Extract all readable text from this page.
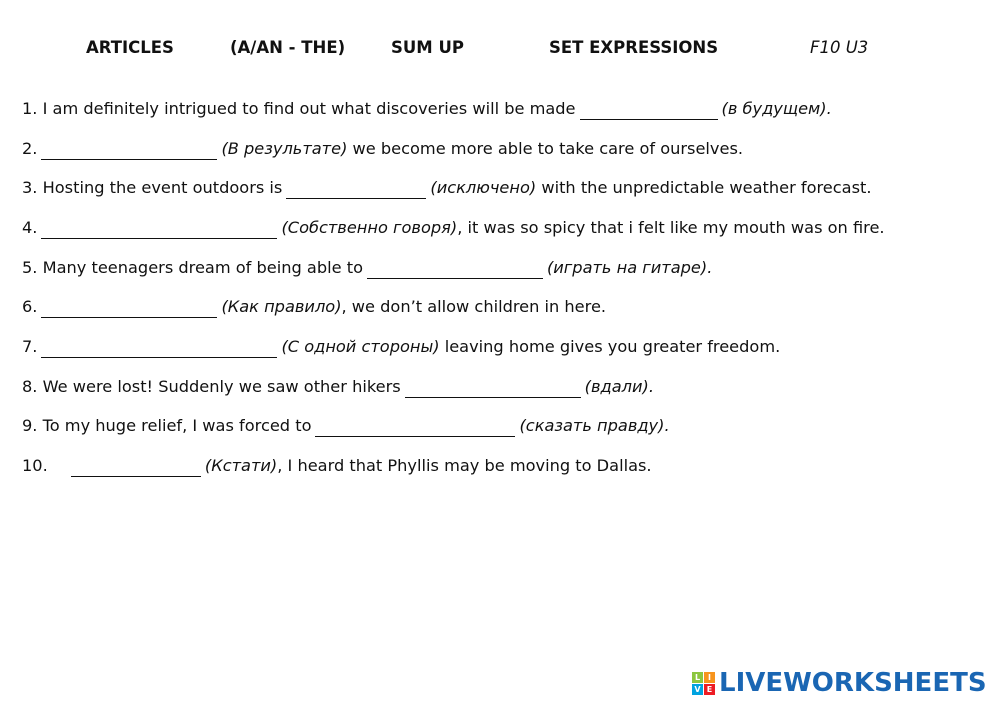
ARTICLES	(A/AN - THE)	SUM UP	SET EXPRESSIONS	F10 U3
1. I am definitely intrigued to find out what discoveries will be made	(в будущем).
2.	(В результате) we become more able to take care of ourselves.
3. Hosting the event outdoors is	(исключено) with the unpredictable weather forecast.
4.	(Собственно говоря), it was so spicy that i felt like my mouth was on fire.
5. Many teenagers dream of being able to	(играть на гитаре).
6.	(Как правило), we don’t allow children in here.
7.	(С одной стороны) leaving home gives you greater freedom.
8. We were lost! Suddenly we saw other hikers	(вдали).
9. To my huge relief, I was forced to	(сказать правду).
10.	(Кстати), I heard that Phyllis may be moving to Dallas.
L I
V E LIVEWORKSHEETS
